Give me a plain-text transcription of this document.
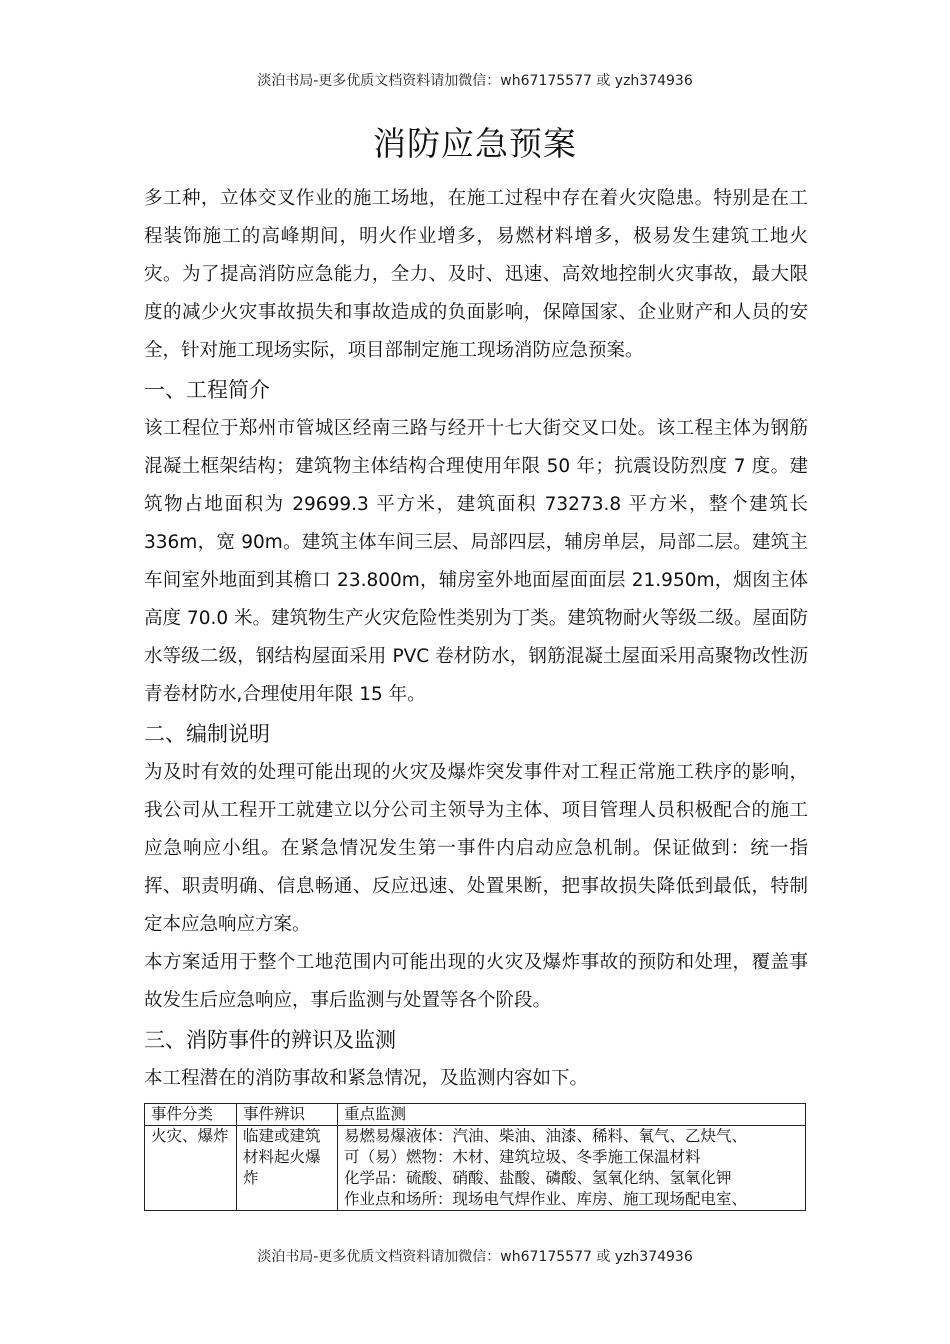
淡泊书局-更多优质文档资料请加微信：wh67175577 或 yzh374936
消防应急预案

多工种，立体交叉作业的施工场地，在施工过程中存在着火灾隐患。特别是在工程装饰施工的高峰期间，明火作业增多，易燃材料增多，极易发生建筑工地火灾。为了提高消防应急能力，全力、及时、迅速、高效地控制火灾事故，最大限度的减少火灾事故损失和事故造成的负面影响，保障国家、企业财产和人员的安全，针对施工现场实际，项目部制定施工现场消防应急预案。

一、工程简介

该工程位于郑州市管城区经南三路与经开十七大街交叉口处。该工程主体为钢筋混凝土框架结构；建筑物主体结构合理使用年限 50 年；抗震设防烈度 7 度。建筑物占地面积为 29699.3 平方米，建筑面积 73273.8 平方米，整个建筑长 336m，宽 90m。建筑主体车间三层、局部四层，辅房单层，局部二层。建筑主车间室外地面到其檐口 23.800m，辅房室外地面屋面面层 21.950m，烟囱主体高度 70.0 米。建筑物生产火灾危险性类别为丁类。建筑物耐火等级二级。屋面防水等级二级，钢结构屋面采用 PVC 卷材防水，钢筋混凝土屋面采用高聚物改性沥青卷材防水,合理使用年限 15 年。

二、编制说明

为及时有效的处理可能出现的火灾及爆炸突发事件对工程正常施工秩序的影响，我公司从工程开工就建立以分公司主领导为主体、项目管理人员积极配合的施工应急响应小组。在紧急情况发生第一事件内启动应急机制。保证做到：统一指挥、职责明确、信息畅通、反应迅速、处置果断，把事故损失降低到最低，特制定本应急响应方案。

本方案适用于整个工地范围内可能出现的火灾及爆炸事故的预防和处理，覆盖事故发生后应急响应，事后监测与处置等各个阶段。

三、消防事件的辨识及监测

本工程潜在的消防事故和紧急情况，及监测内容如下。

事件分类	事件辨识	重点监测
火灾、爆炸	临建或建筑材料起火爆炸	易燃易爆液体：汽油、柴油、油漆、稀料、氧气、乙炔气、
可（易）燃物：木材、建筑垃圾、冬季施工保温材料
化学品：硫酸、硝酸、盐酸、磷酸、氢氧化纳、氢氧化钾
作业点和场所：现场电气焊作业、库房、施工现场配电室、
淡泊书局-更多优质文档资料请加微信：wh67175577 或 yzh374936
